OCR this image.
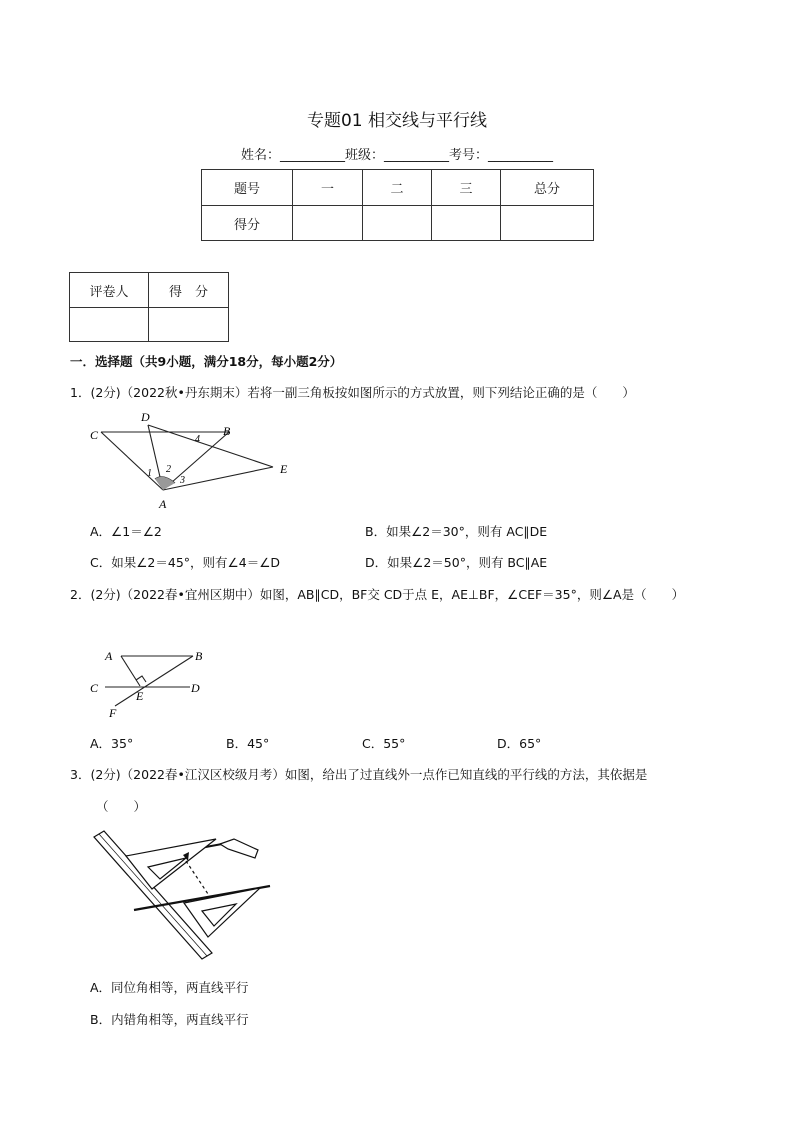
专题01 相交线与平行线
姓名：__________班级：__________考号：__________
题号	一	二	三	总分
得分				
评卷人	得　分

一．选择题（共9小题，满分18分，每小题2分）
1．(2分)（2022秋•丹东期末）若将一副三角板按如图所示的方式放置，则下列结论正确的是（　　）
D
C	B
E
A
1 2
3
4
A．∠1＝∠2	B．如果∠2＝30°，则有 AC∥DE
C．如果∠2＝45°，则有∠4＝∠D	D．如果∠2＝50°，则有 BC∥AE
2．(2分)（2022春•宜州区期中）如图，AB∥CD，BF交 CD于点 E，AE⊥BF，∠CEF＝35°，则∠A是（　　）
A	B
C
E
D
F
A．35°	B．45°	C．55°	D．65°
3．(2分)（2022春•江汉区校级月考）如图，给出了过直线外一点作已知直线的平行线的方法，其依据是
（　　）
A．同位角相等，两直线平行
B．内错角相等，两直线平行
